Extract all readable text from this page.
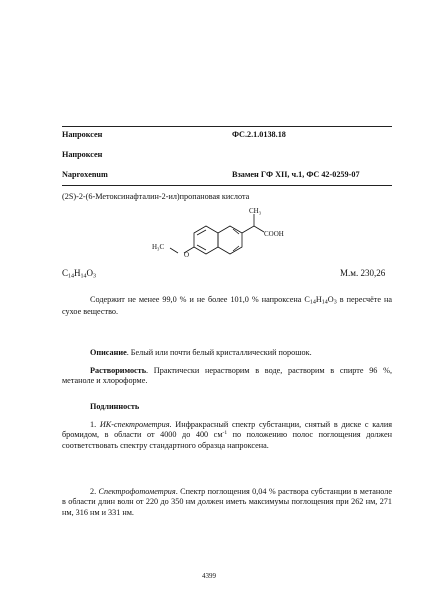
Напроксен	ФС.2.1.0138.18
Напроксен
Naproxenum	Взамен ГФ XII, ч.1, ФС 42-0259-07
(2S)-2-(6-Метоксинафталин-2-ил)пропановая кислота
O
H₃C
CH₃
COOH
$C_{14}H_{14}O_3$	М.м. 230,26
Содержит не менее 99,0 % и не более 101,0 % напроксена $C_{14}H_{14}O_3$ в пересчёте на сухое вещество.
Описание. Белый или почти белый кристаллический порошок.
Растворимость. Практически нерастворим в воде, растворим в спирте 96 %, метаноле и хлороформе.
Подлинность
1. ИК-спектрометрия. Инфракрасный спектр субстанции, снятый в диске с калия бромидом, в области от 4000 до 400 $см^{-1}$ по положению полос поглощения должен соответствовать спектру стандартного образца напроксена.
2. Спектрофотометрия. Спектр поглощения 0,04 % раствора субстанции в метаноле в области длин волн от 220 до 350 нм должен иметь максимумы поглощения при 262 нм, 271 нм, 316 нм и 331 нм.
4399
